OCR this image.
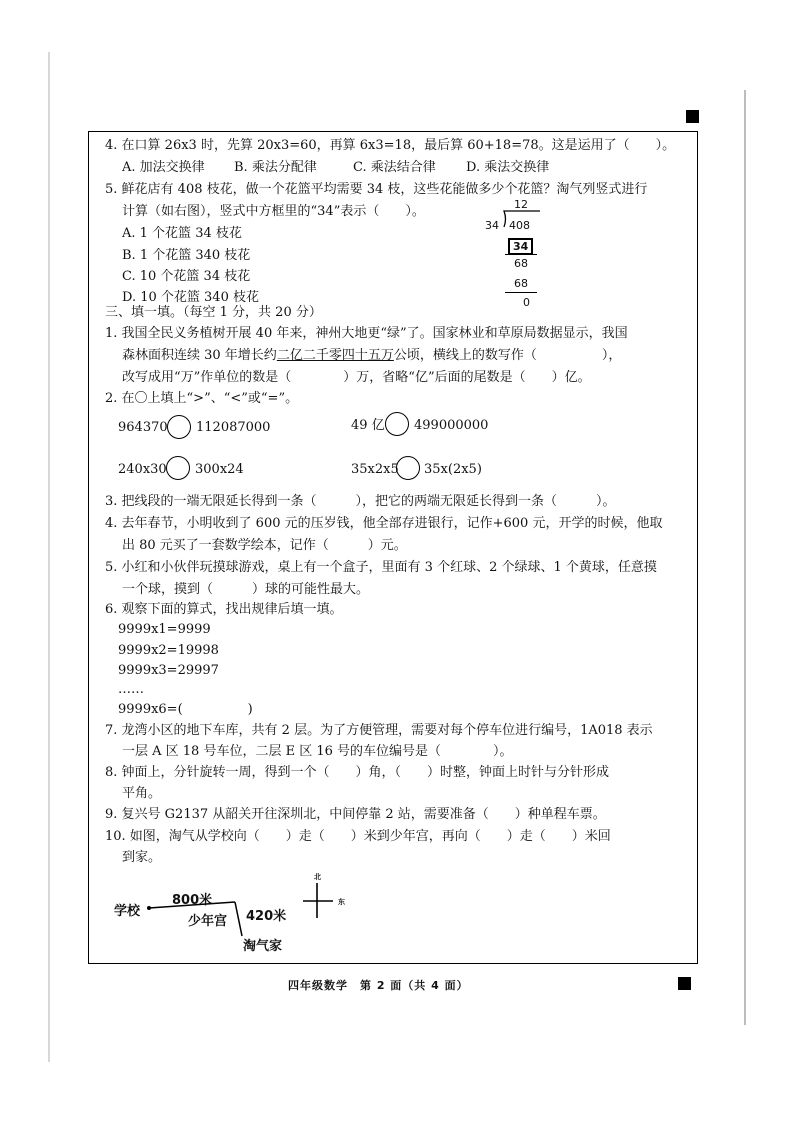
4. 在口算 26x3 时，先算 20x3=60，再算 6x3=18，最后算 60+18=78。这是运用了（　　）。
A. 加法交换律 B. 乘法分配律	C. 乘法结合律 D. 乘法交换律
5. 鲜花店有 408 枝花，做一个花篮平均需要 34 枝，这些花能做多少个花篮？淘气列竖式进行
计算（如右图），竖式中方框里的“34”表示（　　）。
A. 1 个花篮 34 枝花
B. 1 个花篮 340 枝花
C. 10 个花篮 34 枝花
D. 10 个花篮 340 枝花
12
34 408
34
68
68
0
三、填一填。（每空 1 分，共 20 分）
1. 我国全民义务植树开展 40 年来，神州大地更“绿”了。国家林业和草原局数据显示，我国
森林面积连续 30 年增长约二亿二千零四十五万公顷，横线上的数写作（　　　　　），
改写成用“万”作单位的数是（　　　　）万，省略“亿”后面的尾数是（　　）亿。
2. 在〇上填上“>”、“<”或“=”。
964370 112087000	49 亿 499000000
240x30 300x24	35x2x5 35x(2x5)
3. 把线段的一端无限延长得到一条（　　　），把它的两端无限延长得到一条（　　　）。
4. 去年春节，小明收到了 600 元的压岁钱，他全部存进银行，记作+600 元，开学的时候，他取
出 80 元买了一套数学绘本，记作（　　　）元。
5. 小红和小伙伴玩摸球游戏，桌上有一个盒子，里面有 3 个红球、2 个绿球、1 个黄球，任意摸
一个球，摸到（　　　）球的可能性最大。
6. 观察下面的算式，找出规律后填一填。
9999x1=9999
9999x2=19998
9999x3=29997
……
9999x6=(　　　　　)
7. 龙湾小区的地下车库，共有 2 层。为了方便管理，需要对每个停车位进行编号，1A018 表示
一层 A 区 18 号车位，二层 E 区 16 号的车位编号是（　　　　）。
8. 钟面上，分针旋转一周，得到一个（　　）角，（　　）时整，钟面上时针与分针形成
平角。
9. 复兴号 G2137 从韶关开往深圳北，中间停靠 2 站，需要准备（　　）种单程车票。
10. 如图，淘气从学校向（　　）走（　　）米到少年宫，再向（　　）走（　　）米回
到家。
学校
800米
少年宫 420米
淘气家
北
东
四年级数学　第 2 面（共 4 面）
